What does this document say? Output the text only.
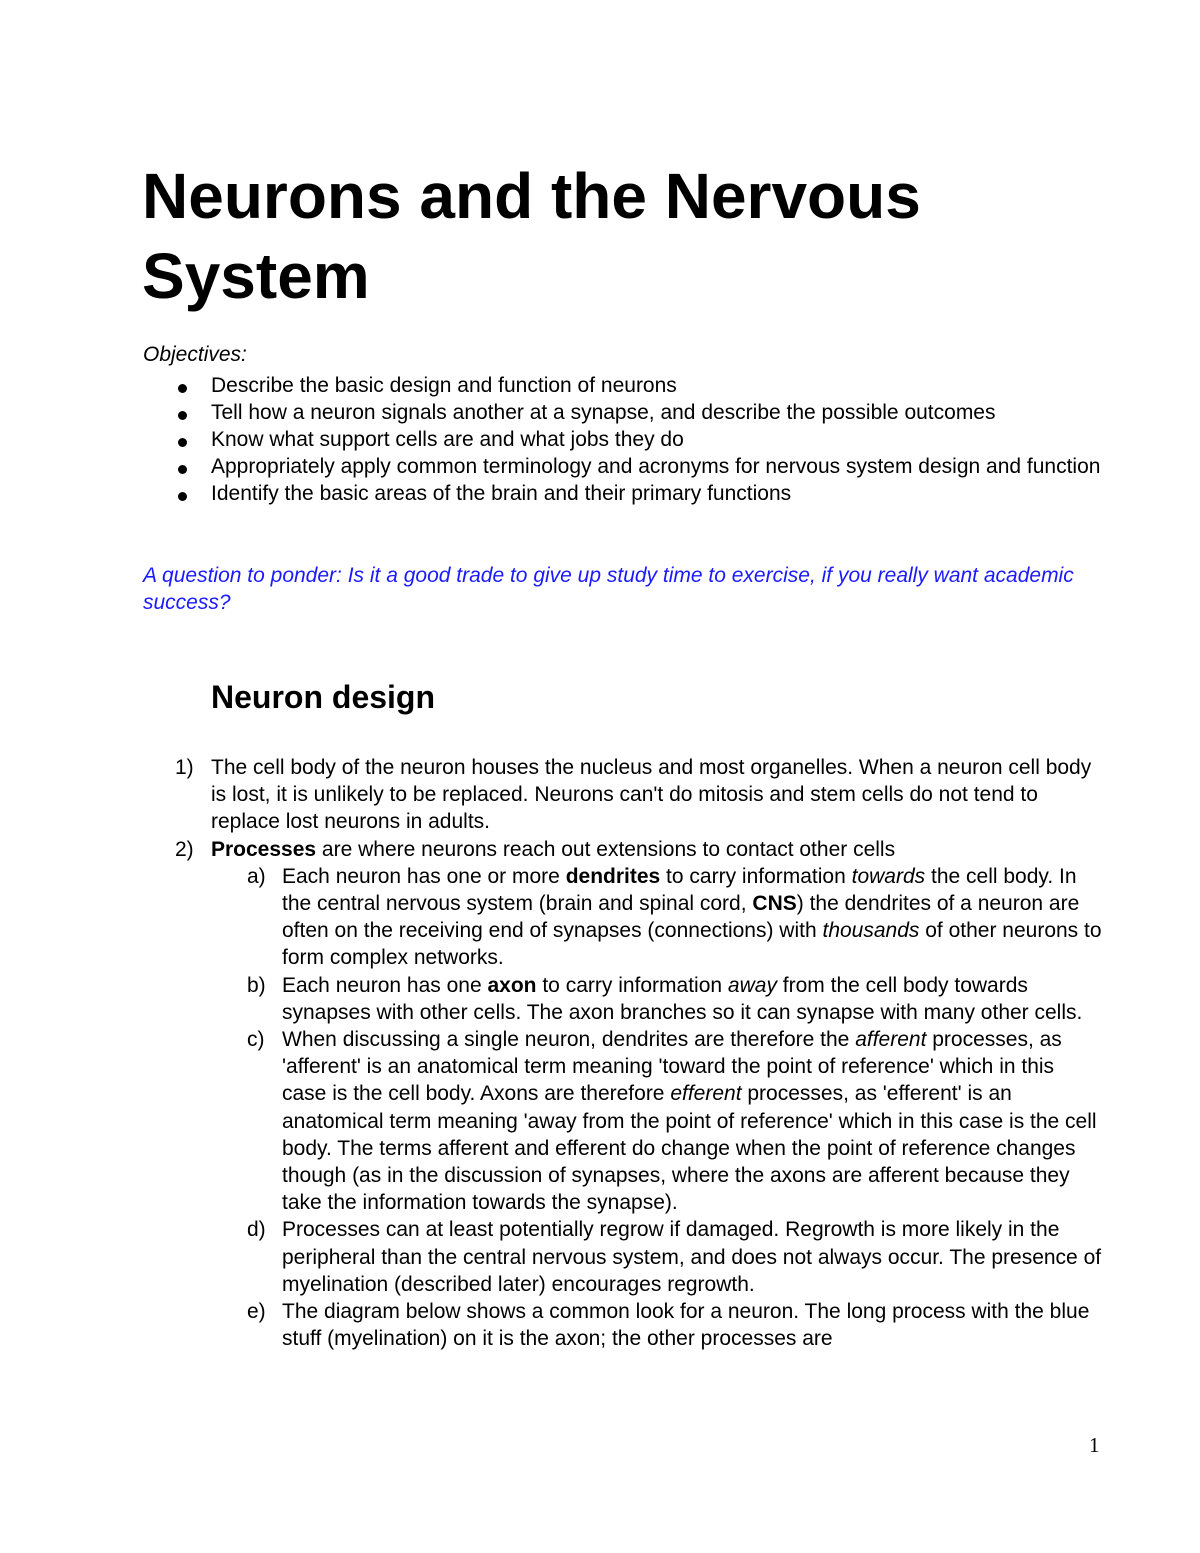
Neurons and the Nervous System

Objectives:

Describe the basic design and function of neurons
Tell how a neuron signals another at a synapse, and describe the possible outcomes
Know what support cells are and what jobs they do
Appropriately apply common terminology and acronyms for nervous system design and function
Identify the basic areas of the brain and their primary functions

A question to ponder: Is it a good trade to give up study time to exercise, if you really want academic success?

Neuron design
1) The cell body of the neuron houses the nucleus and most organelles. When a neuron cell body is lost, it is unlikely to be replaced. Neurons can't do mitosis and stem cells do not tend to replace lost neurons in adults.
2) Processes are where neurons reach out extensions to contact other cells
a) Each neuron has one or more dendrites to carry information towards the cell body. In the central nervous system (brain and spinal cord, CNS) the dendrites of a neuron are often on the receiving end of synapses (connections) with thousands of other neurons to form complex networks.
b) Each neuron has one axon to carry information away from the cell body towards synapses with other cells. The axon branches so it can synapse with many other cells.
c) When discussing a single neuron, dendrites are therefore the afferent processes, as 'afferent' is an anatomical term meaning 'toward the point of reference' which in this case is the cell body. Axons are therefore efferent processes, as 'efferent' is an anatomical term meaning 'away from the point of reference' which in this case is the cell body. The terms afferent and efferent do change when the point of reference changes though (as in the discussion of synapses, where the axons are afferent because they take the information towards the synapse).
d) Processes can at least potentially regrow if damaged. Regrowth is more likely in the peripheral than the central nervous system, and does not always occur. The presence of myelination (described later) encourages regrowth.
e) The diagram below shows a common look for a neuron. The long process with the blue stuff (myelination) on it is the axon; the other processes are

1
